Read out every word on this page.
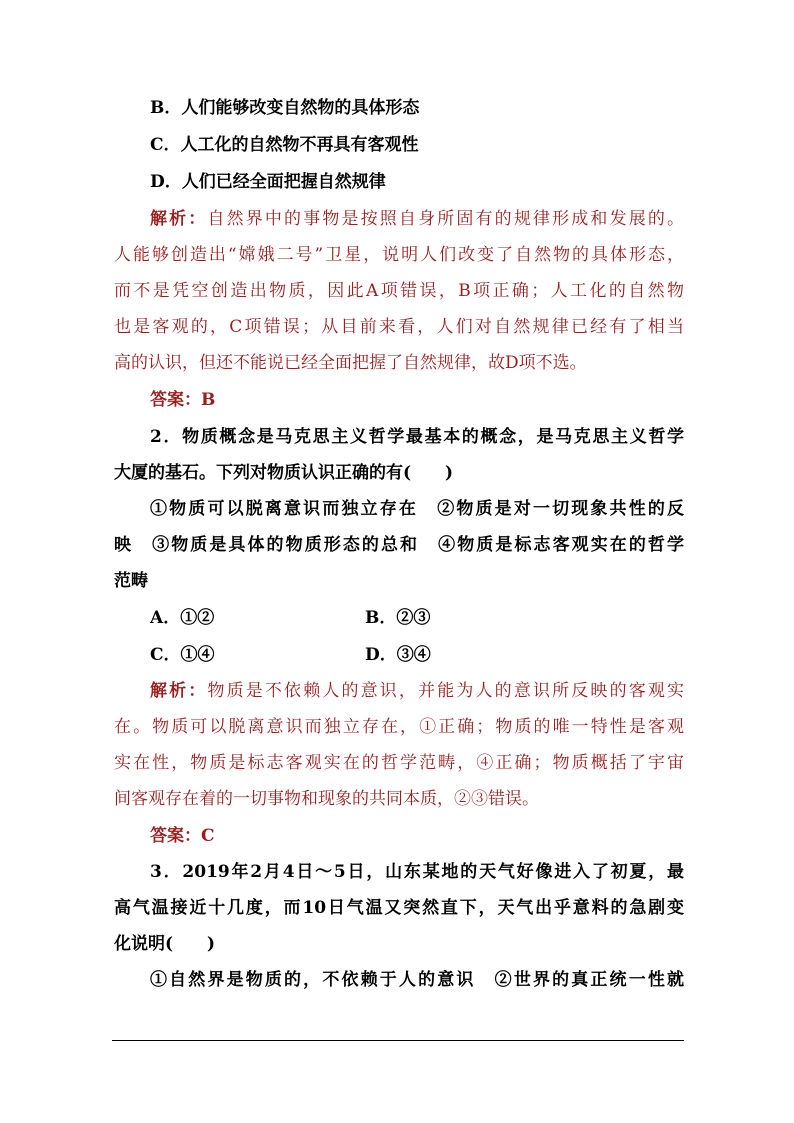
B．人们能够改变自然物的具体形态
C．人工化的自然物不再具有客观性
D．人们已经全面把握自然规律
解析：自然界中的事物是按照自身所固有的规律形成和发展的。
人能够创造出“嫦娥二号”卫星，说明人们改变了自然物的具体形态，
而不是凭空创造出物质，因此A项错误，B项正确；人工化的自然物
也是客观的，C项错误；从目前来看，人们对自然规律已经有了相当
高的认识，但还不能说已经全面把握了自然规律，故D项不选。
答案：B
2．物质概念是马克思主义哲学最基本的概念，是马克思主义哲学
大厦的基石。下列对物质认识正确的有(　　)
①物质可以脱离意识而独立存在　②物质是对一切现象共性的反
映　③物质是具体的物质形态的总和　④物质是标志客观实在的哲学
范畴
A．①②	B．②③
C．①④	D．③④
解析：物质是不依赖人的意识，并能为人的意识所反映的客观实
在。物质可以脱离意识而独立存在，①正确；物质的唯一特性是客观
实在性，物质是标志客观实在的哲学范畴，④正确；物质概括了宇宙
间客观存在着的一切事物和现象的共同本质，②③错误。
答案：C
3．2019年2月4日～5日，山东某地的天气好像进入了初夏，最
高气温接近十几度，而10日气温又突然直下，天气出乎意料的急剧变
化说明(　　)
①自然界是物质的，不依赖于人的意识　②世界的真正统一性就
